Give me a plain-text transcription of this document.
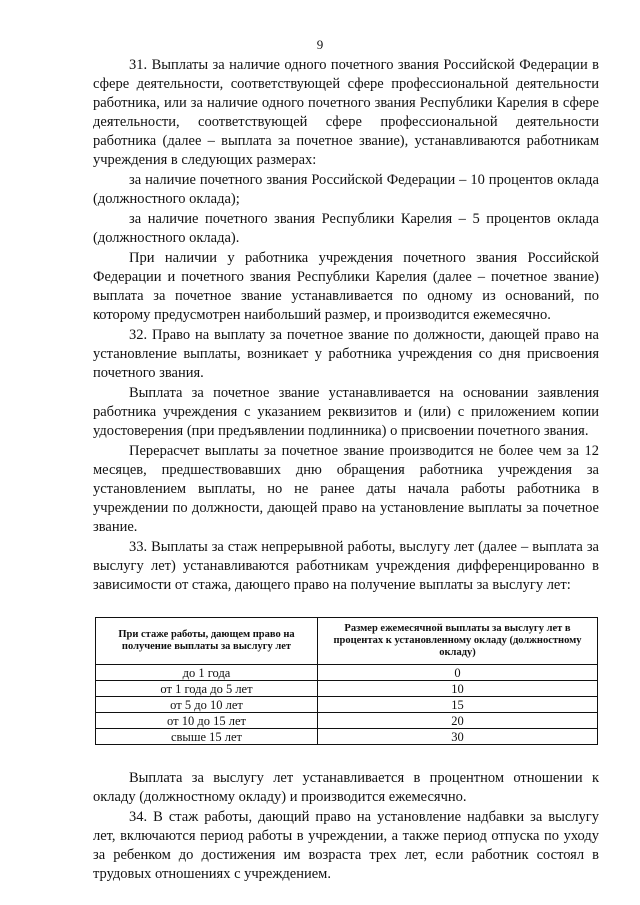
9

31. Выплаты за наличие одного почетного звания Российской Федерации в сфере деятельности, соответствующей сфере профессиональной деятельности работника, или за наличие одного почетного звания Республики Карелия в сфере деятельности, соответствующей сфере профессиональной деятельности работника (далее – выплата за почетное звание), устанавливаются работникам учреждения в следующих размерах:

за наличие почетного звания Российской Федерации – 10 процентов оклада (должностного оклада);

за наличие почетного звания Республики Карелия – 5 процентов оклада (должностного оклада).

При наличии у работника учреждения почетного звания Российской Федерации и почетного звания Республики Карелия (далее – почетное звание) выплата за почетное звание устанавливается по одному из оснований, по которому предусмотрен наибольший размер, и производится ежемесячно.

32. Право на выплату за почетное звание по должности, дающей право на установление выплаты, возникает у работника учреждения со дня присвоения почетного звания.

Выплата за почетное звание устанавливается на основании заявления работника учреждения с указанием реквизитов и (или) с приложением копии удостоверения (при предъявлении подлинника) о присвоении почетного звания.

Перерасчет выплаты за почетное звание производится не более чем за 12 месяцев, предшествовавших дню обращения работника учреждения за установлением выплаты, но не ранее даты начала работы работника в учреждении по должности, дающей право на установление выплаты за почетное звание.

33. Выплаты за стаж непрерывной работы, выслугу лет (далее – выплата за выслугу лет) устанавливаются работникам учреждения дифференцированно в зависимости от стажа, дающего право на получение выплаты за выслугу лет:

При стаже работы, дающем право на получение выплаты за выслугу лет	Размер ежемесячной выплаты за выслугу лет в процентах к установленному окладу (должностному окладу)
до 1 года	0
от 1 года до 5 лет	10
от 5 до 10 лет	15
от 10 до 15 лет	20
свыше 15 лет	30

Выплата за выслугу лет устанавливается в процентном отношении к окладу (должностному окладу) и производится ежемесячно.

34. В стаж работы, дающий право на установление надбавки за выслугу лет, включаются период работы в учреждении, а также период отпуска по уходу за ребенком до достижения им возраста трех лет, если работник состоял в трудовых отношениях с учреждением.
